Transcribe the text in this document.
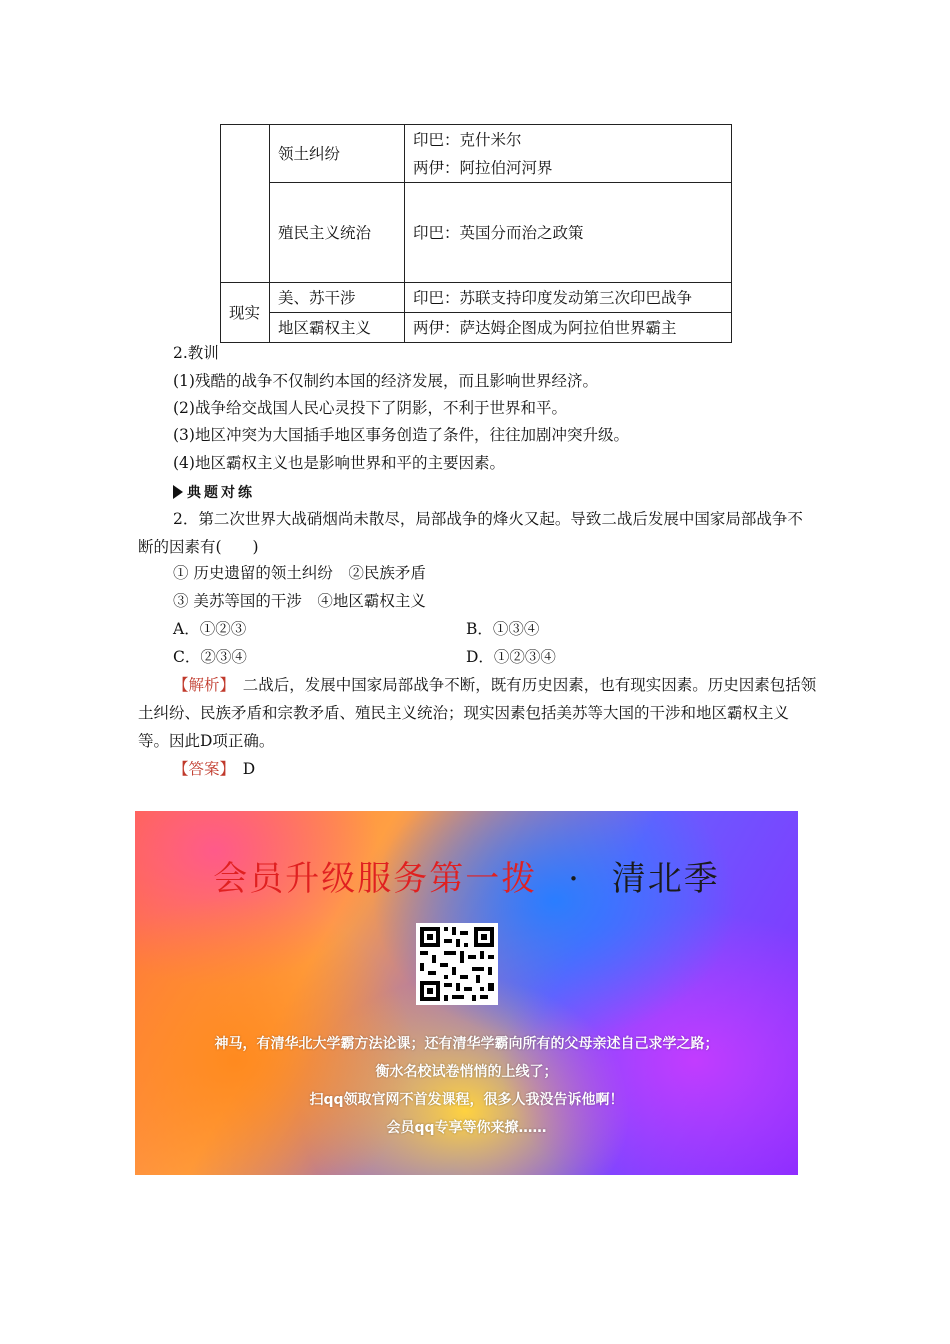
	领土纠纷	印巴：克什米尔
两伊：阿拉伯河河界

	殖民主义统治	印巴：英国分而治之政策
现实	美、苏干涉	印巴：苏联支持印度发动第三次印巴战争
	地区霸权主义	两伊：萨达姆企图成为阿拉伯世界霸主
2.教训
(1)残酷的战争不仅制约本国的经济发展，而且影响世界经济。
(2)战争给交战国人民心灵投下了阴影，不利于世界和平。
(3)地区冲突为大国插手地区事务创造了条件，往往加剧冲突升级。
(4)地区霸权主义也是影响世界和平的主要因素。
典题对练
2．第二次世界大战硝烟尚未散尽，局部战争的烽火又起。导致二战后发展中国家局部战争不断的因素有(　　)
① 历史遗留的领土纠纷　②民族矛盾
③ 美苏等国的干涉　④地区霸权主义
A．①②③	B．①③④
C．②③④	D．①②③④
【解析】　 二战后，发展中国家局部战争不断，既有历史因素，也有现实因素。历史因素包括领土纠纷、民族矛盾和宗教矛盾、殖民主义统治；现实因素包括美苏等大国的干涉和地区霸权主义等。因此D项正确。
【答案】　 D
会员升级服务第一拨 · 清北季
神马，有清华北大学霸方法论课；还有清华学霸向所有的父母亲述自己求学之路；
衡水名校试卷悄悄的上线了；
扫qq领取官网不首发课程，很多人我没告诉他啊！
会员qq专享等你来撩……
